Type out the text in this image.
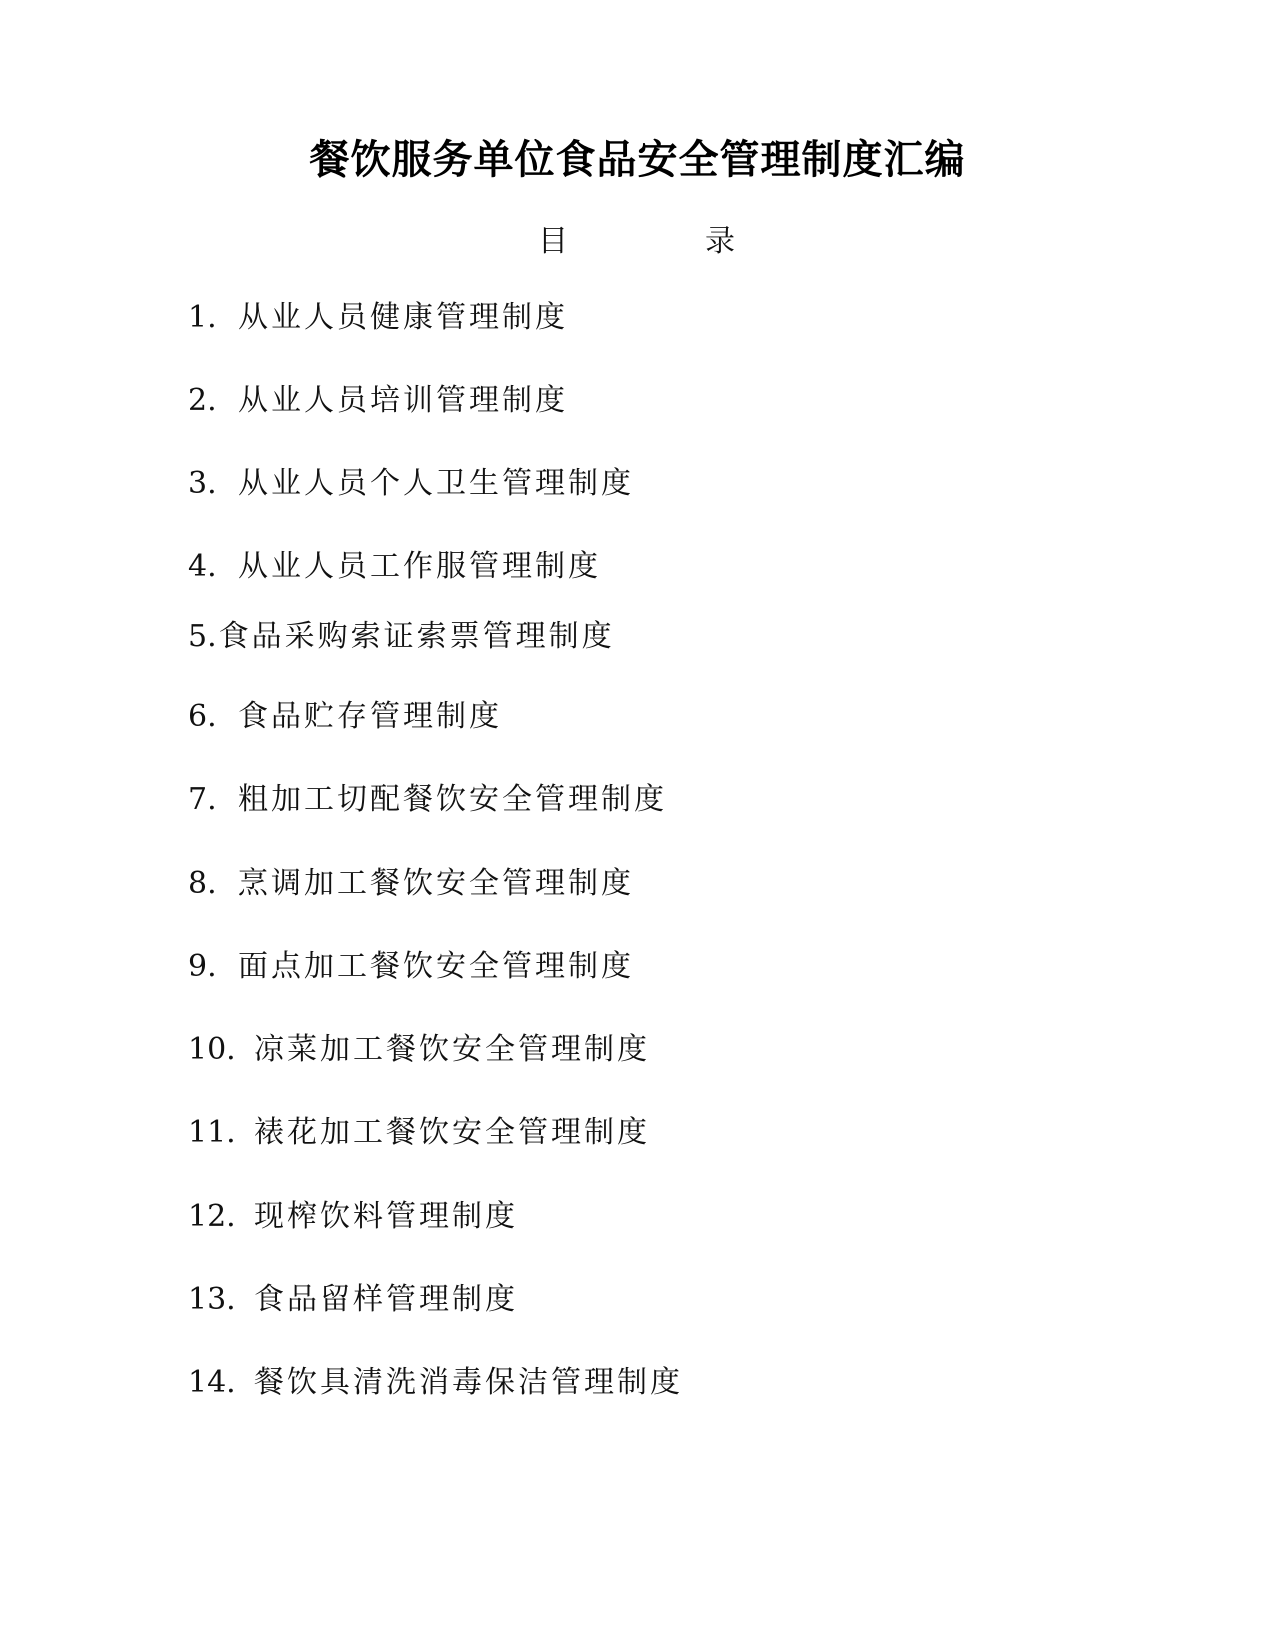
餐饮服务单位食品安全管理制度汇编
目	录
1. 从业人员健康管理制度
2. 从业人员培训管理制度
3. 从业人员个人卫生管理制度
4. 从业人员工作服管理制度
5.食品采购索证索票管理制度
6. 食品贮存管理制度
7. 粗加工切配餐饮安全管理制度
8. 烹调加工餐饮安全管理制度
9. 面点加工餐饮安全管理制度
10. 凉菜加工餐饮安全管理制度
11. 裱花加工餐饮安全管理制度
12. 现榨饮料管理制度
13. 食品留样管理制度
14. 餐饮具清洗消毒保洁管理制度
